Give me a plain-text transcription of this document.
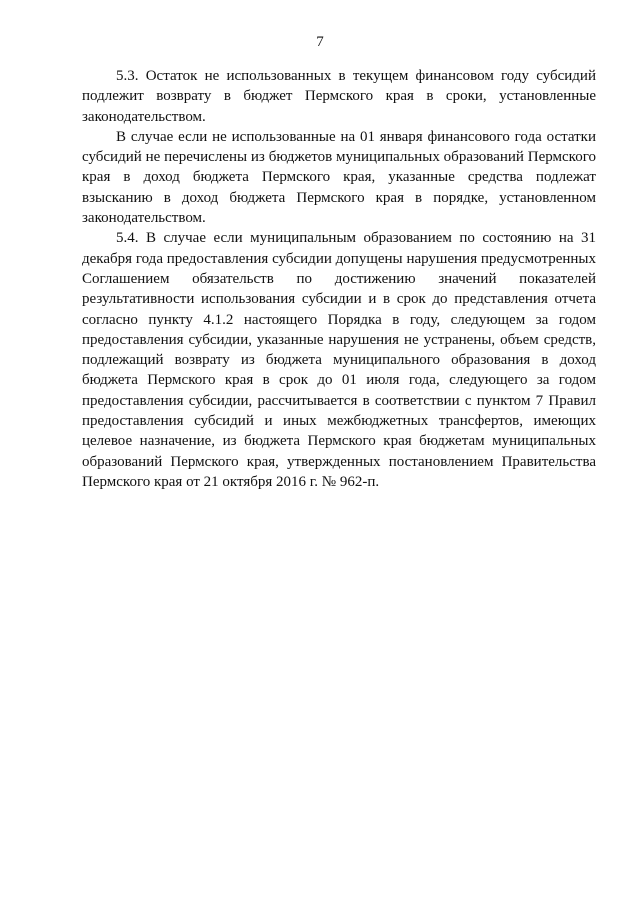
7

5.3. Остаток не использованных в текущем финансовом году субсидий подлежит возврату в бюджет Пермского края в сроки, установленные законодательством.

В случае если не использованные на 01 января финансового года остатки субсидий не перечислены из бюджетов муниципальных образований Пермского края в доход бюджета Пермского края, указанные средства подлежат взысканию в доход бюджета Пермского края в порядке, установленном законодательством.

5.4. В случае если муниципальным образованием по состоянию на 31 декабря года предоставления субсидии допущены нарушения предусмотренных Соглашением обязательств по достижению значений показателей результативности использования субсидии и в срок до представления отчета согласно пункту 4.1.2 настоящего Порядка в году, следующем за годом предоставления субсидии, указанные нарушения не устранены, объем средств, подлежащий возврату из бюджета муниципального образования в доход бюджета Пермского края в срок до 01 июля года, следующего за годом предоставления субсидии, рассчитывается в соответствии с пунктом 7 Правил предоставления субсидий и иных межбюджетных трансфертов, имеющих целевое назначение, из бюджета Пермского края бюджетам муниципальных образований Пермского края, утвержденных постановлением Правительства Пермского края от 21 октября 2016 г. № 962-п.
